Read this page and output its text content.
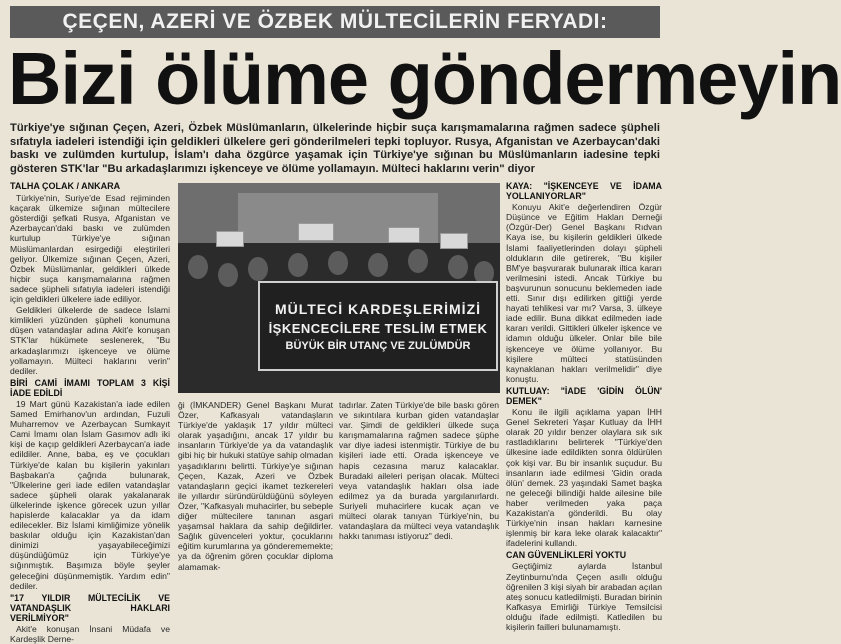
ÇEÇEN, AZERİ VE ÖZBEK MÜLTECİLERİN FERYADI:
Bizi ölüme göndermeyin
Türkiye'ye sığınan Çeçen, Azeri, Özbek Müslümanların, ülkelerinde hiçbir suça karışmamalarına rağmen sadece şüpheli sıfatıyla iadeleri istendiği için geldikleri ülkelere geri gönderilmeleri tepki topluyor. Rusya, Afganistan ve Azerbaycan'daki baskı ve zulümden kurtulup, İslam'ı daha özgürce yaşamak için Türkiye'ye sığınan bu Müslümanların iadesine tepki gösteren STK'lar "Bu arkadaşlarımızı işkenceye ve ölüme yollamayın. Mülteci haklarını verin" diyor

TALHA ÇOLAK / ANKARA

Türkiye'nin, Suriye'de Esad rejiminden kaçarak ülkemize sığınan mültecilere gösterdiği şefkati Rusya, Afganistan ve Azerbaycan'daki baskı ve zulümden kurtulup Türkiye'ye sığınan Müslümanlardan esirgediği eleştirileri geliyor. Ülkemize sığınan Çeçen, Azeri, Özbek Müslümanlar, geldikleri ülkede hiçbir suça karışmamalarına rağmen sadece şüpheli sıfatıyla iadeleri istendiği için geldikleri ülkelere iade ediliyor.

Geldikleri ülkelerde de sadece İslami kimlikleri yüzünden şüpheli konumuna düşen vatandaşlar adına Akit'e konuşan STK'lar hükümete seslenerek, "Bu arkadaşlarımızı işkenceye ve ölüme yollamayın. Mülteci haklarını verin" dediler.

BİRİ CAMİ İMAMI TOPLAM 3 KİŞİ İADE EDİLDİ

19 Mart günü Kazakistan'a iade edilen Samed Emirhanov'un ardından, Fuzuli Muharremov ve Azerbaycan Sumkayıt Cami İmamı olan İslam Gasımov adlı iki kişi de kaçıp geldikleri Azerbaycan'a iade edildiler. Anne, baba, eş ve çocukları Türkiye'de kalan bu kişilerin yakınları Başbakan'a çağrıda bulunarak, "Ülkelerine geri iade edilen vatandaşlar sadece şüpheli olarak yakalanarak ülkelerinde işkence görecek uzun yıllar hapislerde kalacaklar ya da idam edilecekler. Biz İslami kimliğimize yönelik baskılar olduğu için Kazakistan'dan dinimizi yaşayabileceğimizi düşündüğümüz için Türkiye'ye sığınmıştık. Başımıza böyle şeyler geleceğini düşünmemiştik. Yardım edin" dediler.

"17 YILDIR MÜLTECİLİK VE VATANDAŞLIK HAKLARI VERİLMİYOR"

Akit'e konuşan İnsani Müdafa ve Kardeşlik Derne-

MÜLTECİ KARDEŞLERİMİZİ
İŞKENCECİLERE TESLİM ETMEK
BÜYÜK BİR UTANÇ VE ZULÜMDÜR

ği (İMKANDER) Genel Başkanı Murat Özer, Kafkasyalı vatandaşların Türkiye'de yaklaşık 17 yıldır mülteci olarak yaşadığını, ancak 17 yıldır bu insanların Türkiye'de ya da vatandaşlık gibi hiç bir hukuki statüye sahip olmadan yaşadıklarını belirtti. Türkiye'ye sığınan Çeçen, Kazak, Azeri ve Özbek vatandaşların geçici ikamet tezkereleri ile yıllardır süründürüldüğünü söyleyen Özer, "Kafkasyalı muhacirler, bu sebeple diğer mültecilere tanınan asgari yaşamsal haklara da sahip değildirler. Sağlık güvenceleri yoktur, çocuklarını eğitim kurumlarına ya gönderememekte; ya da öğrenim gören çocuklar diploma alamamak-

tadırlar. Zaten Türkiye'de bile baskı gören ve sıkıntılara kurban giden vatandaşlar var. Şimdi de geldikleri ülkede suça karışmamalarına rağmen sadece şüphe var diye iadesi istenmiştir. Türkiye de bu kişileri iade etti. Orada işkenceye ve hapis cezasına maruz kalacaklar. Buradaki aileleri perişan olacak. Mülteci veya vatandaşlık hakları olsa iade edilmez ya da burada yargılanırlardı. Suriyeli muhacirlere kucak açan ve mülteci olarak tanıyan Türkiye'nin, bu vatandaşlara da mülteci veya vatandaşlık hakkı tanıması istiyoruz" dedi.

KAYA: "İŞKENCEYE VE İDAMA YOLLANIYORLAR"

Konuyu Akit'e değerlendiren Özgür Düşünce ve Eğitim Hakları Derneği (Özgür-Der) Genel Başkanı Rıdvan Kaya ise, bu kişilerin geldikleri ülkede İslami faaliyetlerinden dolayı şüpheli oldukların dile getirerek, "Bu kişiler BM'ye başvurarak bulunarak iltica kararı verilmesini istedi. Ancak Türkiye bu başvurunun sonucunu beklemeden iade etti. Sınır dışı edilirken gittiği yerde hayati tehlikesi var mı? Varsa, 3. ülkeye iade edilir. Buna dikkat edilmeden iade kararı verildi. Gittikleri ülkeler işkence ve idamın olduğu ülkeler. Onlar bile bile işkenceye ve ölüme yollanıyor. Bu kişilere mülteci statüsünden kaynaklanan hakları verilmelidir" diye konuştu.

KUTLUAY: "İADE 'GİDİN ÖLÜN' DEMEK"

Konu ile ilgili açıklama yapan İHH Genel Sekreteri Yaşar Kutluay da İHH olarak 20 yıldır benzer olaylara sık sık rastladıklarını belirterek "Türkiye'den ülkesine iade edildikten sonra öldürülen çok kişi var. Bu bir insanlık suçudur. Bu insanların iade edilmesi 'Gidin orada ölün' demek. 23 yaşındaki Samet başka ne geleceği bilindiği halde ailesine bile haber verilmeden yaka paça Kazakistan'a gönderildi. Bu olay Türkiye'nin insan hakları karnesine işlenmiş bir kara leke olarak kalacaktır" ifadelerini kullandı.

CAN GÜVENLİKLERİ YOKTU

Geçtiğimiz aylarda İstanbul Zeytinburnu'nda Çeçen asıllı olduğu öğrenilen 3 kişi siyah bir arabadan açılan ateş sonucu katledilmişti. Buradan birinin Kafkasya Emirliği Türkiye Temsilcisi olduğu ifade edilmişti. Katledilen bu kişilerin failleri bulunamamıştı.
